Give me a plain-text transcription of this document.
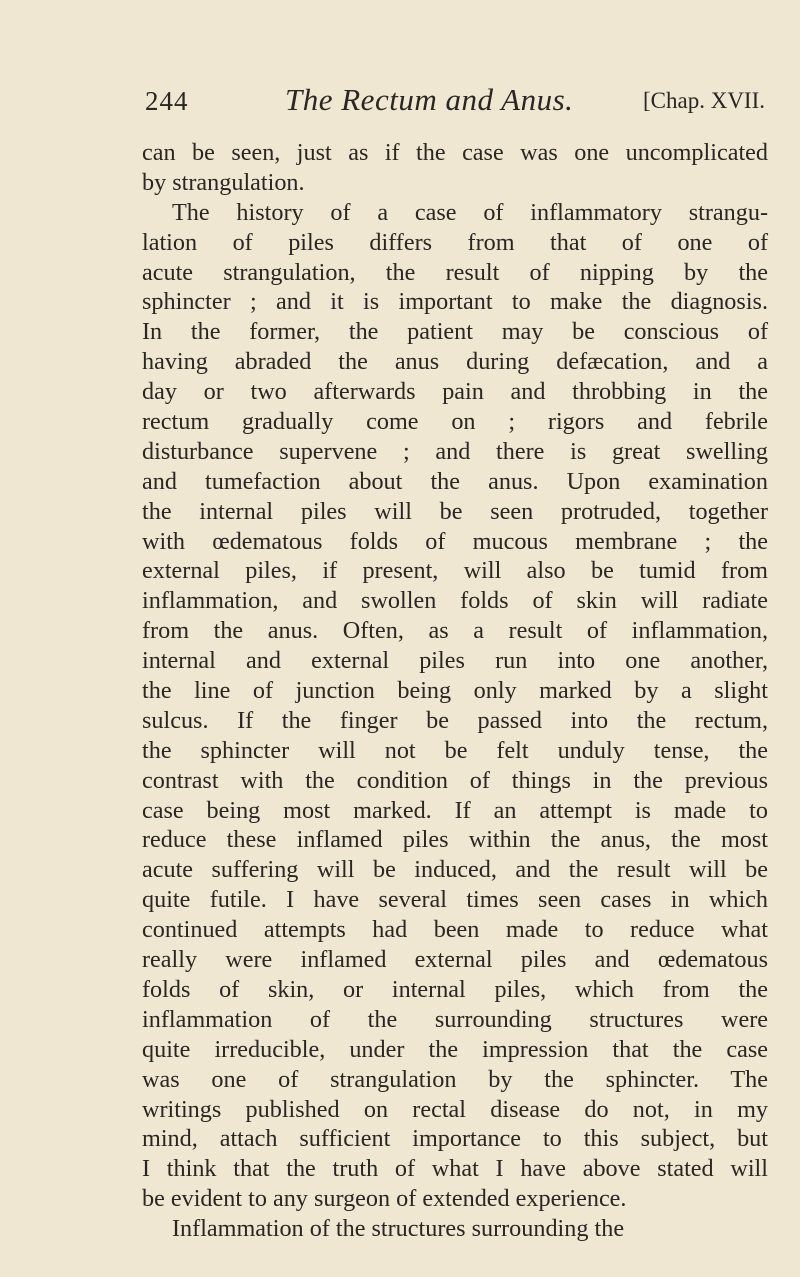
244	The Rectum and Anus.	[Chap. XVII.
can be seen, just as if the case was one uncomplicated
by strangulation.
The history of a case of inflammatory strangu-
lation of piles differs from that of one of
acute strangulation, the result of nipping by the
sphincter ; and it is important to make the diagnosis.
In the former, the patient may be conscious of
having abraded the anus during defæcation, and a
day or two afterwards pain and throbbing in the
rectum gradually come on ; rigors and febrile
disturbance supervene ; and there is great swelling
and tumefaction about the anus. Upon examination
the internal piles will be seen protruded, together
with œdematous folds of mucous membrane ; the
external piles, if present, will also be tumid from
inflammation, and swollen folds of skin will radiate
from the anus. Often, as a result of inflammation,
internal and external piles run into one another,
the line of junction being only marked by a slight
sulcus. If the finger be passed into the rectum,
the sphincter will not be felt unduly tense, the
contrast with the condition of things in the previous
case being most marked. If an attempt is made to
reduce these inflamed piles within the anus, the most
acute suffering will be induced, and the result will be
quite futile. I have several times seen cases in which
continued attempts had been made to reduce what
really were inflamed external piles and œdematous
folds of skin, or internal piles, which from the
inflammation of the surrounding structures were
quite irreducible, under the impression that the case
was one of strangulation by the sphincter. The
writings published on rectal disease do not, in my
mind, attach sufficient importance to this subject, but
I think that the truth of what I have above stated will
be evident to any surgeon of extended experience.
Inflammation of the structures surrounding the
